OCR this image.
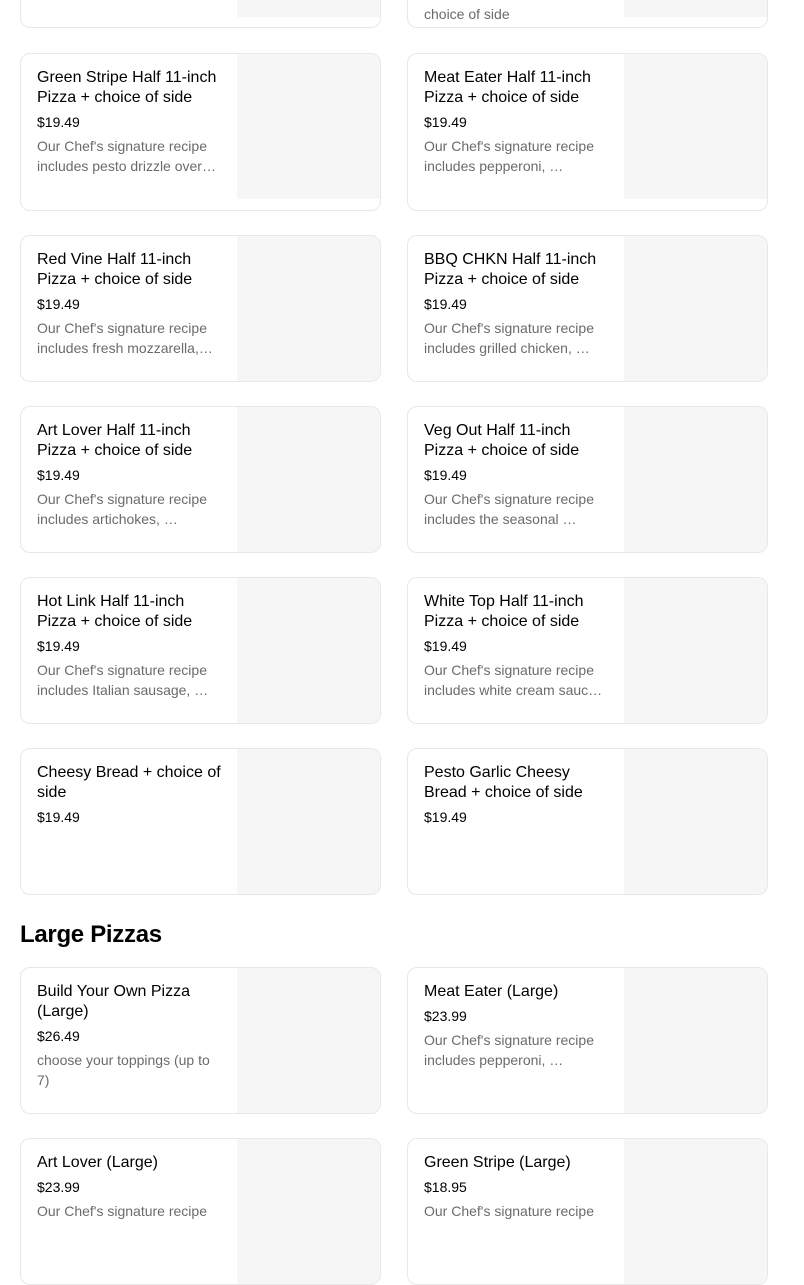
choice of side
Green Stripe Half 11-inch Pizza + choice of side
$19.49
Our Chef's signature recipe includes pesto drizzle over…
Meat Eater Half 11-inch Pizza + choice of side
$19.49
Our Chef's signature recipe includes pepperoni, …
Red Vine Half 11-inch Pizza + choice of side
$19.49
Our Chef's signature recipe includes fresh mozzarella,…
BBQ CHKN Half 11-inch Pizza + choice of side
$19.49
Our Chef's signature recipe includes grilled chicken, …
Art Lover Half 11-inch Pizza + choice of side
$19.49
Our Chef's signature recipe includes artichokes, …
Veg Out Half 11-inch Pizza + choice of side
$19.49
Our Chef's signature recipe includes the seasonal …
Hot Link Half 11-inch Pizza + choice of side
$19.49
Our Chef's signature recipe includes Italian sausage, …
White Top Half 11-inch Pizza + choice of side
$19.49
Our Chef's signature recipe includes white cream sauc…
Cheesy Bread + choice of side
$19.49
Pesto Garlic Cheesy Bread + choice of side
$19.49
Large Pizzas
Build Your Own Pizza (Large)
$26.49
choose your toppings (up to 7)
Meat Eater (Large)
$23.99
Our Chef's signature recipe includes pepperoni, …
Art Lover (Large)
$23.99
Our Chef's signature recipe
Green Stripe (Large)
$18.95
Our Chef's signature recipe
